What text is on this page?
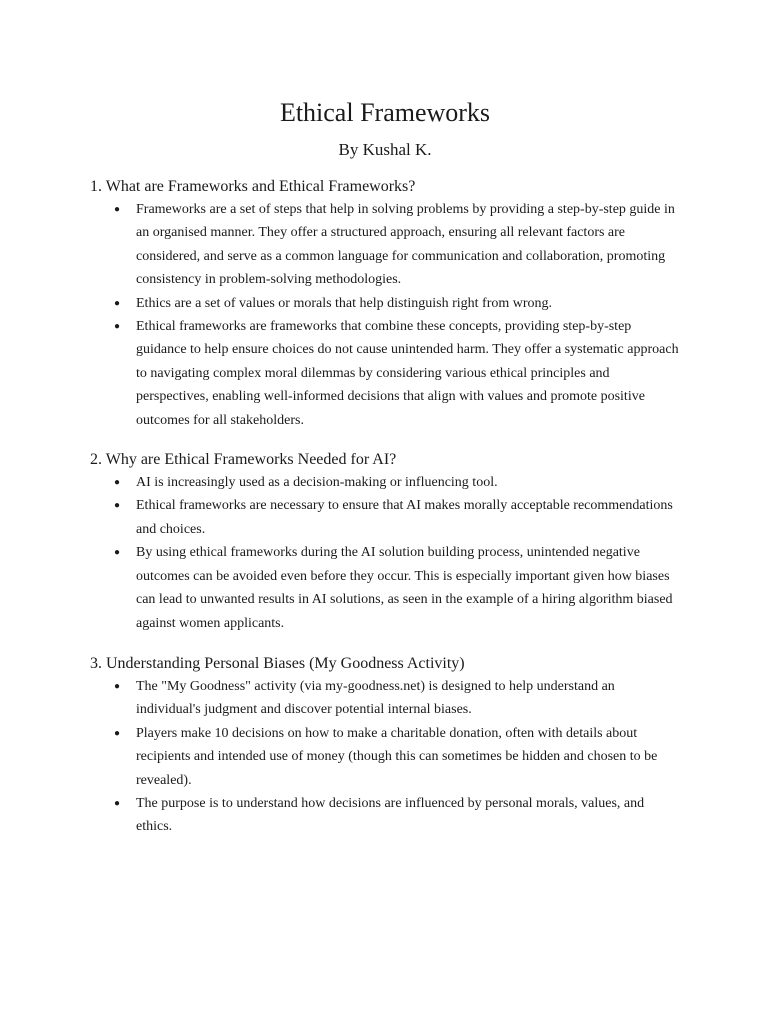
Ethical Frameworks

By Kushal K.

1. What are Frameworks and Ethical Frameworks?
● Frameworks are a set of steps that help in solving problems by providing a step-by-step guide in an organised manner. They offer a structured approach, ensuring all relevant factors are considered, and serve as a common language for communication and collaboration, promoting consistency in problem-solving methodologies.
● Ethics are a set of values or morals that help distinguish right from wrong.
● Ethical frameworks are frameworks that combine these concepts, providing step-by-step guidance to help ensure choices do not cause unintended harm. They offer a systematic approach to navigating complex moral dilemmas by considering various ethical principles and perspectives, enabling well-informed decisions that align with values and promote positive outcomes for all stakeholders.
2. Why are Ethical Frameworks Needed for AI?
● AI is increasingly used as a decision-making or influencing tool.
● Ethical frameworks are necessary to ensure that AI makes morally acceptable recommendations and choices.
● By using ethical frameworks during the AI solution building process, unintended negative outcomes can be avoided even before they occur. This is especially important given how biases can lead to unwanted results in AI solutions, as seen in the example of a hiring algorithm biased against women applicants.
3. Understanding Personal Biases (My Goodness Activity)
● The "My Goodness" activity (via my-goodness.net) is designed to help understand an individual's judgment and discover potential internal biases.
● Players make 10 decisions on how to make a charitable donation, often with details about recipients and intended use of money (though this can sometimes be hidden and chosen to be revealed).
● The purpose is to understand how decisions are influenced by personal morals, values, and ethics.
